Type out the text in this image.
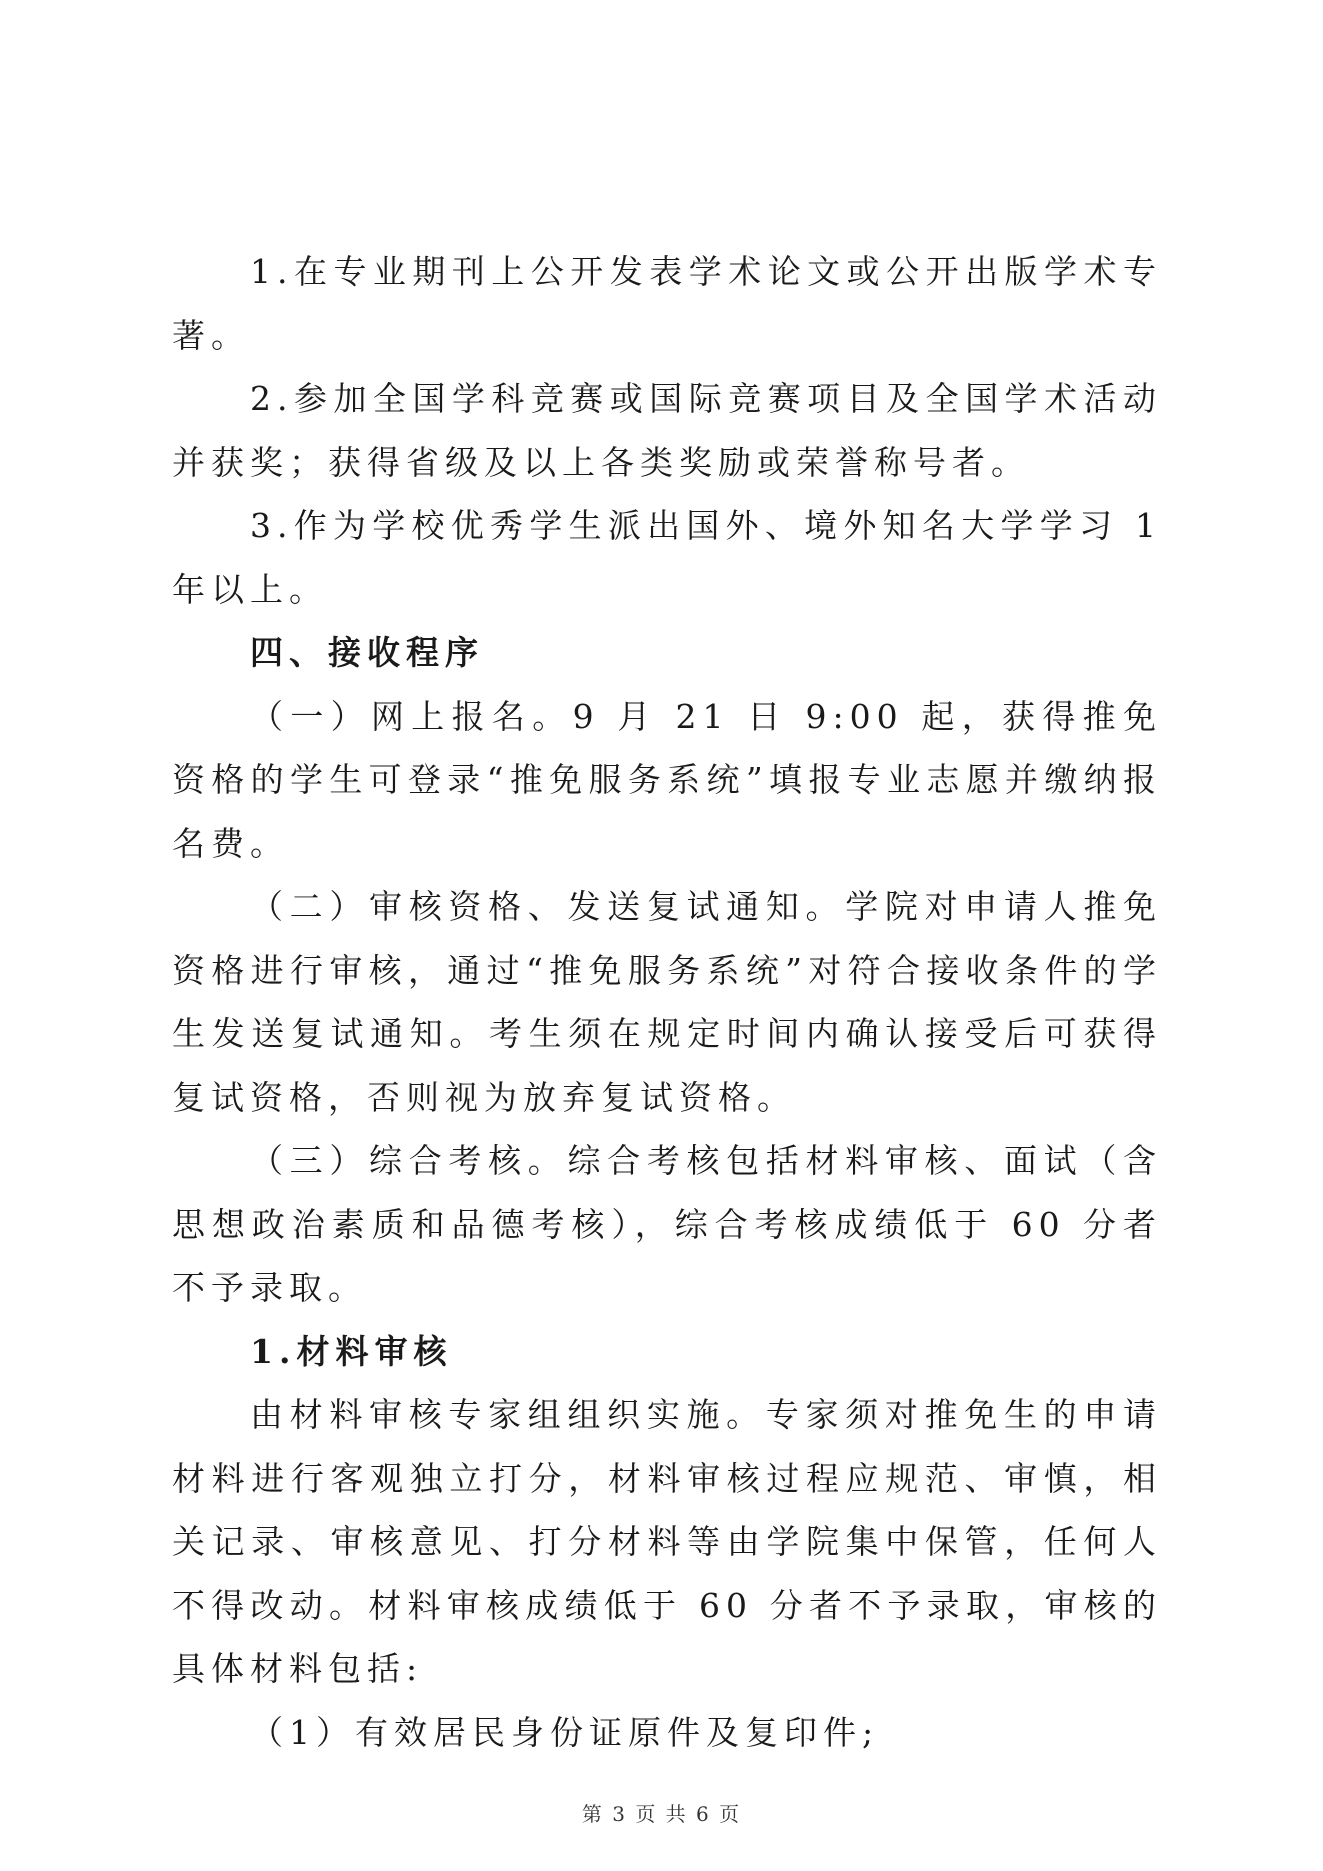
1.在专业期刊上公开发表学术论文或公开出版学术专著。

2.参加全国学科竞赛或国际竞赛项目及全国学术活动并获奖；获得省级及以上各类奖励或荣誉称号者。

3.作为学校优秀学生派出国外、境外知名大学学习 1 年以上。

四、接收程序

（一）网上报名。9 月 21 日 9:00 起，获得推免资格的学生可登录“推免服务系统”填报专业志愿并缴纳报名费。

（二）审核资格、发送复试通知。学院对申请人推免资格进行审核，通过“推免服务系统”对符合接收条件的学生发送复试通知。考生须在规定时间内确认接受后可获得复试资格，否则视为放弃复试资格。

（三）综合考核。综合考核包括材料审核、面试（含思想政治素质和品德考核），综合考核成绩低于 60 分者不予录取。

1.材料审核

由材料审核专家组组织实施。专家须对推免生的申请材料进行客观独立打分，材料审核过程应规范、审慎，相关记录、审核意见、打分材料等由学院集中保管，任何人不得改动。材料审核成绩低于 60 分者不予录取，审核的具体材料包括:

（1）有效居民身份证原件及复印件;

第 3 页 共 6 页
